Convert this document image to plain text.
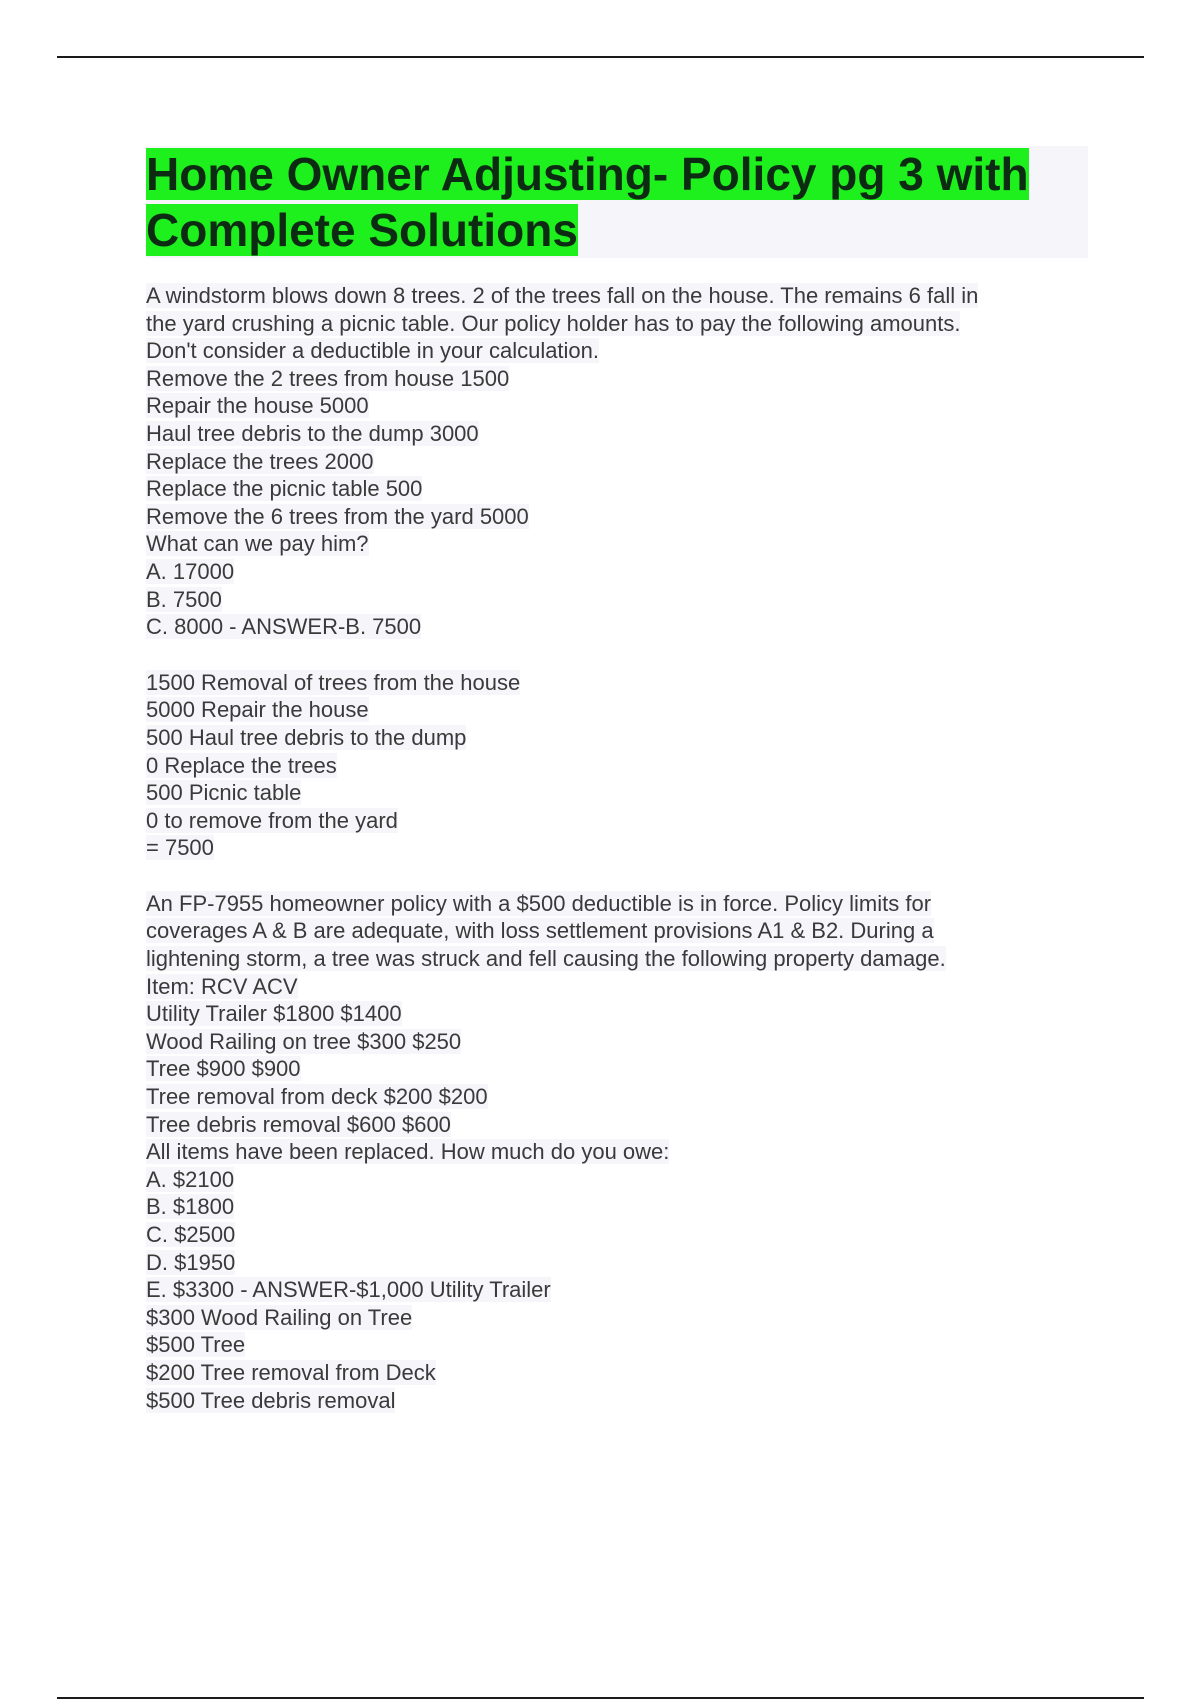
Home Owner Adjusting- Policy pg 3 with Complete Solutions
A windstorm blows down 8 trees. 2 of the trees fall on the house. The remains 6 fall in
the yard crushing a picnic table. Our policy holder has to pay the following amounts.
Don't consider a deductible in your calculation.
Remove the 2 trees from house 1500
Repair the house 5000
Haul tree debris to the dump 3000
Replace the trees 2000
Replace the picnic table 500
Remove the 6 trees from the yard 5000
What can we pay him?
A. 17000
B. 7500
C. 8000 - ANSWER-B. 7500
1500 Removal of trees from the house
5000 Repair the house
500 Haul tree debris to the dump
0 Replace the trees
500 Picnic table
0 to remove from the yard
= 7500
An FP-7955 homeowner policy with a $500 deductible is in force. Policy limits for
coverages A & B are adequate, with loss settlement provisions A1 & B2. During a
lightening storm, a tree was struck and fell causing the following property damage.
Item: RCV ACV
Utility Trailer $1800 $1400
Wood Railing on tree $300 $250
Tree $900 $900
Tree removal from deck $200 $200
Tree debris removal $600 $600
All items have been replaced. How much do you owe:
A. $2100
B. $1800
C. $2500
D. $1950
E. $3300 - ANSWER-$1,000 Utility Trailer
$300 Wood Railing on Tree
$500 Tree
$200 Tree removal from Deck
$500 Tree debris removal
